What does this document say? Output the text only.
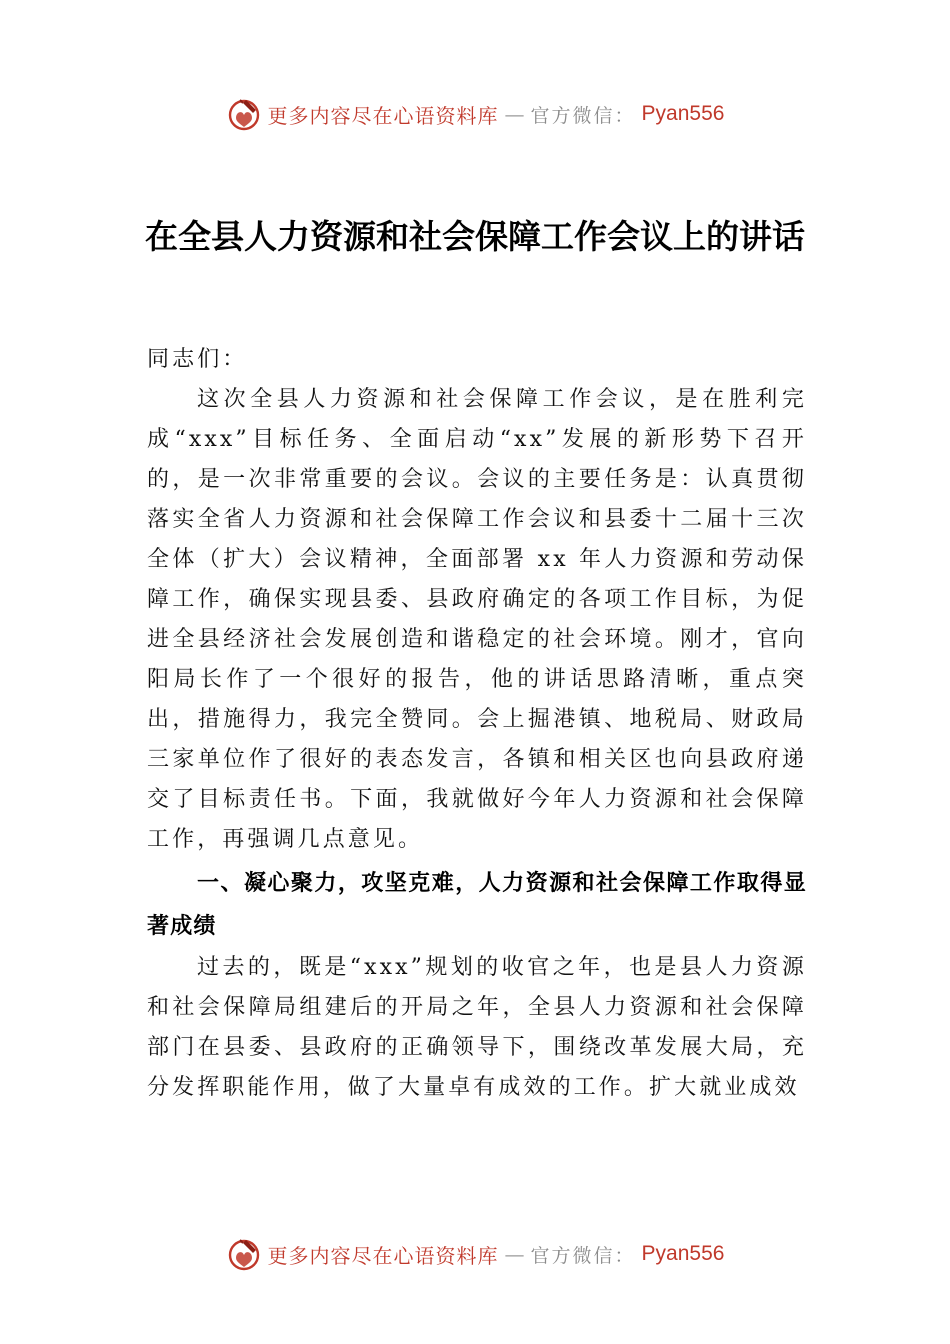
更多内容尽在心语资料库 — 官方微信： Pyan556
在全县人力资源和社会保障工作会议上的讲话

同志们：

这次全县人力资源和社会保障工作会议，是在胜利完成“xxx”目标任务、全面启动“xx”发展的新形势下召开的，是一次非常重要的会议。会议的主要任务是：认真贯彻落实全省人力资源和社会保障工作会议和县委十二届十三次全体（扩大）会议精神，全面部署 xx 年人力资源和劳动保障工作，确保实现县委、县政府确定的各项工作目标，为促进全县经济社会发展创造和谐稳定的社会环境。刚才，官向阳局长作了一个很好的报告，他的讲话思路清晰，重点突出，措施得力，我完全赞同。会上掘港镇、地税局、财政局三家单位作了很好的表态发言，各镇和相关区也向县政府递交了目标责任书。下面，我就做好今年人力资源和社会保障工作，再强调几点意见。

一、凝心聚力，攻坚克难，人力资源和社会保障工作取得显著成绩

过去的，既是“xxx”规划的收官之年，也是县人力资源和社会保障局组建后的开局之年，全县人力资源和社会保障部门在县委、县政府的正确领导下，围绕改革发展大局，充分发挥职能作用，做了大量卓有成效的工作。扩大就业成效

更多内容尽在心语资料库 — 官方微信： Pyan556
